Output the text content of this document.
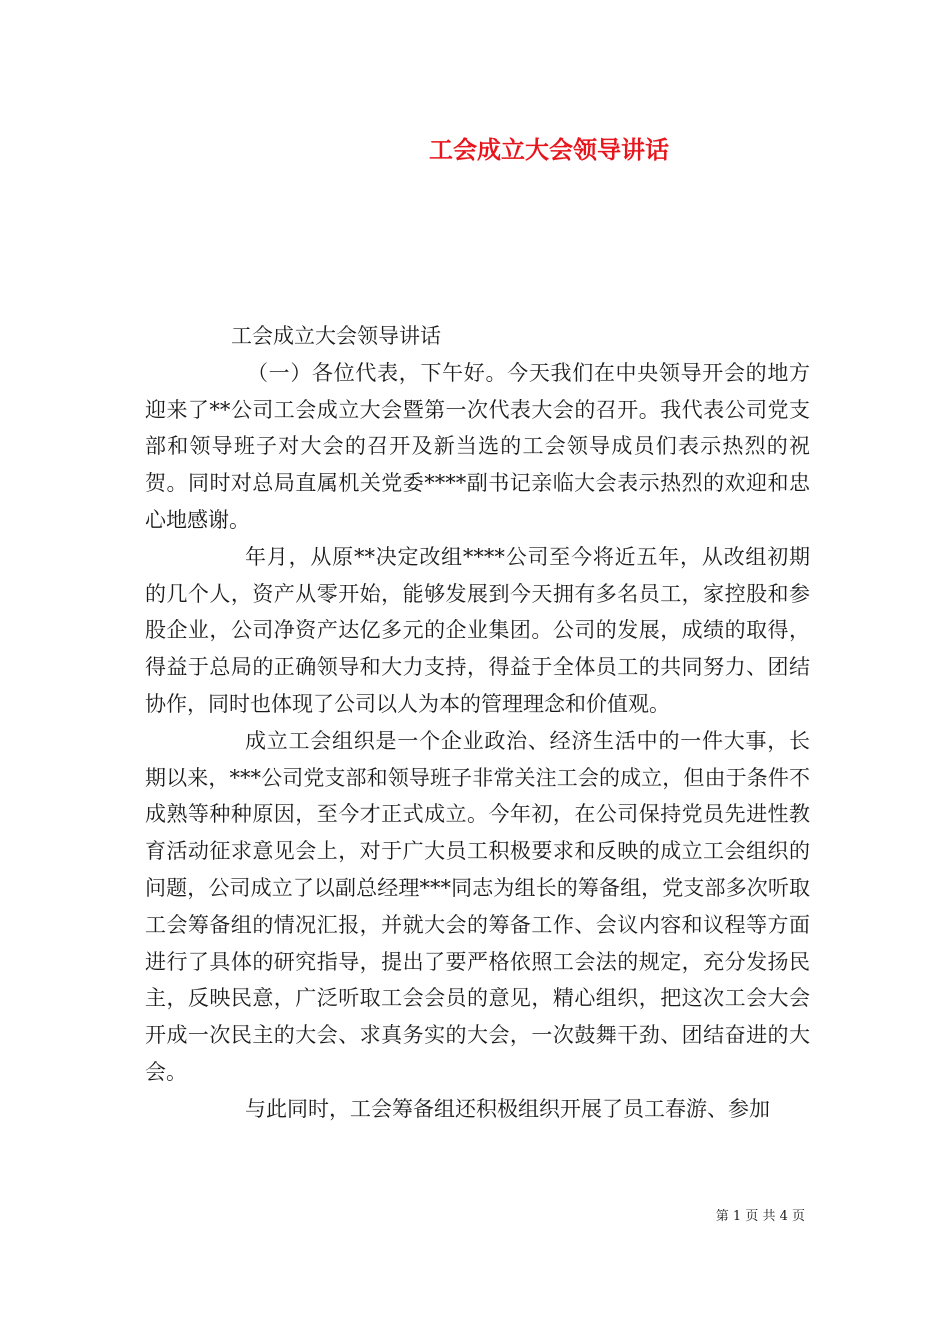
工会成立大会领导讲话

工会成立大会领导讲话

（一）各位代表，下午好。今天我们在中央领导开会的地方迎来了**公司工会成立大会暨第一次代表大会的召开。我代表公司党支部和领导班子对大会的召开及新当选的工会领导成员们表示热烈的祝贺。同时对总局直属机关党委****副书记亲临大会表示热烈的欢迎和忠心地感谢。

年月，从原**决定改组****公司至今将近五年，从改组初期的几个人，资产从零开始，能够发展到今天拥有多名员工，家控股和参股企业，公司净资产达亿多元的企业集团。公司的发展，成绩的取得，得益于总局的正确领导和大力支持，得益于全体员工的共同努力、团结协作，同时也体现了公司以人为本的管理理念和价值观。

成立工会组织是一个企业政治、经济生活中的一件大事，长期以来，***公司党支部和领导班子非常关注工会的成立，但由于条件不成熟等种种原因，至今才正式成立。今年初，在公司保持党员先进性教育活动征求意见会上，对于广大员工积极要求和反映的成立工会组织的问题，公司成立了以副总经理***同志为组长的筹备组，党支部多次听取工会筹备组的情况汇报，并就大会的筹备工作、会议内容和议程等方面进行了具体的研究指导，提出了要严格依照工会法的规定，充分发扬民主，反映民意，广泛听取工会会员的意见，精心组织，把这次工会大会开成一次民主的大会、求真务实的大会，一次鼓舞干劲、团结奋进的大会。

与此同时，工会筹备组还积极组织开展了员工春游、参加

第 1 页 共 4 页
